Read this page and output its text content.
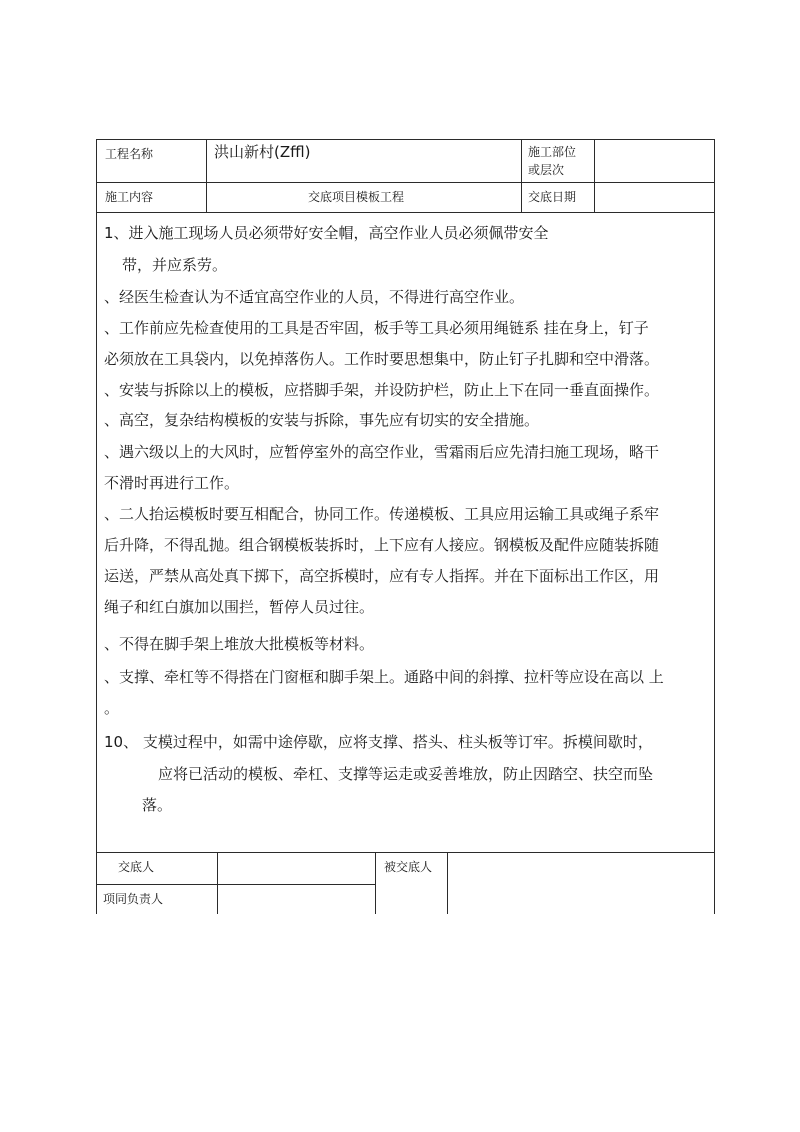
工程名称	洪山新村(Zffl)	施工部位
或层次
施工内容	交底项目模板工程	交底日期
1、进入施工现场人员必须带好安全帽，高空作业人员必须佩带安全
带，并应系劳。
、经医生检查认为不适宜高空作业的人员，不得进行高空作业。
、工作前应先检查使用的工具是否牢固，板手等工具必须用绳链系 挂在身上，钉子
必须放在工具袋内，以免掉落伤人。工作时要思想集中，防止钉子扎脚和空中滑落。
、安装与拆除以上的模板，应搭脚手架，并设防护栏，防止上下在同一垂直面操作。
、高空，复杂结构模板的安装与拆除，事先应有切实的安全措施。
、遇六级以上的大风时，应暂停室外的高空作业，雪霜雨后应先清扫施工现场，略干
不滑时再进行工作。
、二人抬运模板时要互相配合，协同工作。传递模板、工具应用运输工具或绳子系牢
后升降，不得乱抛。组合钢模板装拆时，上下应有人接应。钢模板及配件应随装拆随
运送，严禁从高处真下掷下，高空拆模时，应有专人指挥。并在下面标出工作区，用
绳子和红白旗加以围拦，暂停人员过往。
、不得在脚手架上堆放大批模板等材料。
、支撑、牵杠等不得搭在门窗框和脚手架上。通路中间的斜撑、拉杆等应设在高以 上
。
10、 支模过程中，如需中途停歇，应将支撑、搭头、柱头板等订牢。拆模间歇时，
应将已活动的模板、牵杠、支撑等运走或妥善堆放，防止因踏空、扶空而坠
落。
交底人	被交底人
项同负责人
